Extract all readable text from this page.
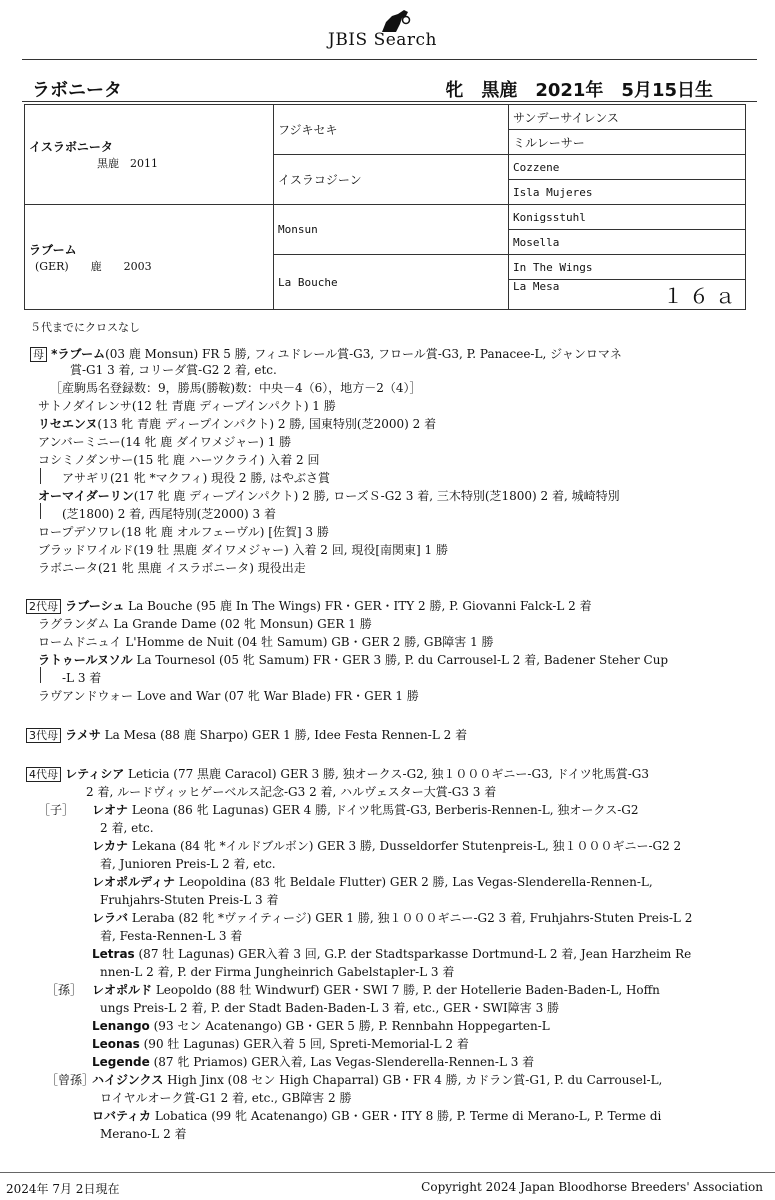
JBIS Search
ラボニータ	牝　黒鹿　2021年　5月15日生
イスラボニータ
黒鹿　2011	フジキセキ	サンデーサイレンス
		ミルレーサー
	イスラコジーン	Cozzene
		Isla Mujeres

ラブーム
(GER)　　鹿　　2003	Monsun	Konigsstuhl
		Mosella
	La Bouche	In The Wings
		La Mesa １６ａ
５代までにクロスなし
母 *ラブーム(03 鹿 Monsun) FR 5 勝, フィユドレール賞-G3, フロール賞-G3, P. Panacee-L, ジャンロマネ
賞-G1 3 着, コリーダ賞-G2 2 着, etc.
［産駒馬名登録数：9，勝馬(勝鞍)数：中央－4（6），地方－2（4）］
サトノダイレンサ(12 牡 青鹿 ディープインパクト) 1 勝
リセエンヌ(13 牝 青鹿 ディープインパクト) 2 勝, 国東特別(芝2000) 2 着
アンバーミニー(14 牝 鹿 ダイワメジャー) 1 勝
コシミノダンサー(15 牝 鹿 ハーツクライ) 入着 2 回
アサギリ(21 牝 *マクフィ) 現役 2 勝, はやぶさ賞
オーマイダーリン(17 牝 鹿 ディープインパクト) 2 勝, ローズＳ-G2 3 着, 三木特別(芝1800) 2 着, 城崎特別
(芝1800) 2 着, 西尾特別(芝2000) 3 着
ロープデソワレ(18 牝 鹿 オルフェーヴル) [佐賀] 3 勝
ブラッドワイルド(19 牡 黒鹿 ダイワメジャー) 入着 2 回, 現役[南関東] 1 勝
ラボニータ(21 牝 黒鹿 イスラボニータ) 現役出走
2代母 ラブーシュ La Bouche (95 鹿 In The Wings) FR・GER・ITY 2 勝, P. Giovanni Falck-L 2 着
ラグランダム La Grande Dame (02 牝 Monsun) GER 1 勝
ロームドニュイ L'Homme de Nuit (04 牡 Samum) GB・GER 2 勝, GB障害 1 勝
ラトゥールヌソル La Tournesol (05 牝 Samum) FR・GER 3 勝, P. du Carrousel-L 2 着, Badener Steher Cup
-L 3 着
ラヴアンドウォー Love and War (07 牝 War Blade) FR・GER 1 勝
3代母 ラメサ La Mesa (88 鹿 Sharpo) GER 1 勝, Idee Festa Rennen-L 2 着
4代母 レティシア Leticia (77 黒鹿 Caracol) GER 3 勝, 独オークス-G2, 独１０００ギニー-G3, ドイツ牝馬賞-G3
2 着, ルードヴィッヒゲーベルス記念-G3 2 着, ハルヴェスター大賞-G3 3 着
［子］ レオナ Leona (86 牝 Lagunas) GER 4 勝, ドイツ牝馬賞-G3, Berberis-Rennen-L, 独オークス-G2
2 着, etc.
レカナ Lekana (84 牝 *イルドブルボン) GER 3 勝, Dusseldorfer Stutenpreis-L, 独１０００ギニー-G2 2
着, Junioren Preis-L 2 着, etc.
レオポルディナ Leopoldina (83 牝 Beldale Flutter) GER 2 勝, Las Vegas-Slenderella-Rennen-L,
Fruhjahrs-Stuten Preis-L 3 着
レラバ Leraba (82 牝 *ヴァイティージ) GER 1 勝, 独１０００ギニー-G2 3 着, Fruhjahrs-Stuten Preis-L 2
着, Festa-Rennen-L 3 着
Letras (87 牡 Lagunas) GER入着 3 回, G.P. der Stadtsparkasse Dortmund-L 2 着, Jean Harzheim Re
nnen-L 2 着, P. der Firma Jungheinrich Gabelstapler-L 3 着
［孫］ レオポルド Leopoldo (88 牡 Windwurf) GER・SWI 7 勝, P. der Hotellerie Baden-Baden-L, Hoffn
ungs Preis-L 2 着, P. der Stadt Baden-Baden-L 3 着, etc., GER・SWI障害 3 勝
Lenango (93 セン Acatenango) GB・GER 5 勝, P. Rennbahn Hoppegarten-L
Leonas (90 牡 Lagunas) GER入着 5 回, Spreti-Memorial-L 2 着
Legende (87 牝 Priamos) GER入着, Las Vegas-Slenderella-Rennen-L 3 着
［曾孫］ハイジンクス High Jinx (08 セン High Chaparral) GB・FR 4 勝, カドラン賞-G1, P. du Carrousel-L,
ロイヤルオーク賞-G1 2 着, etc., GB障害 2 勝
ロバティカ Lobatica (99 牝 Acatenango) GB・GER・ITY 8 勝, P. Terme di Merano-L, P. Terme di
Merano-L 2 着
2024年 7月 2日現在	Copyright 2024 Japan Bloodhorse Breeders' Association
